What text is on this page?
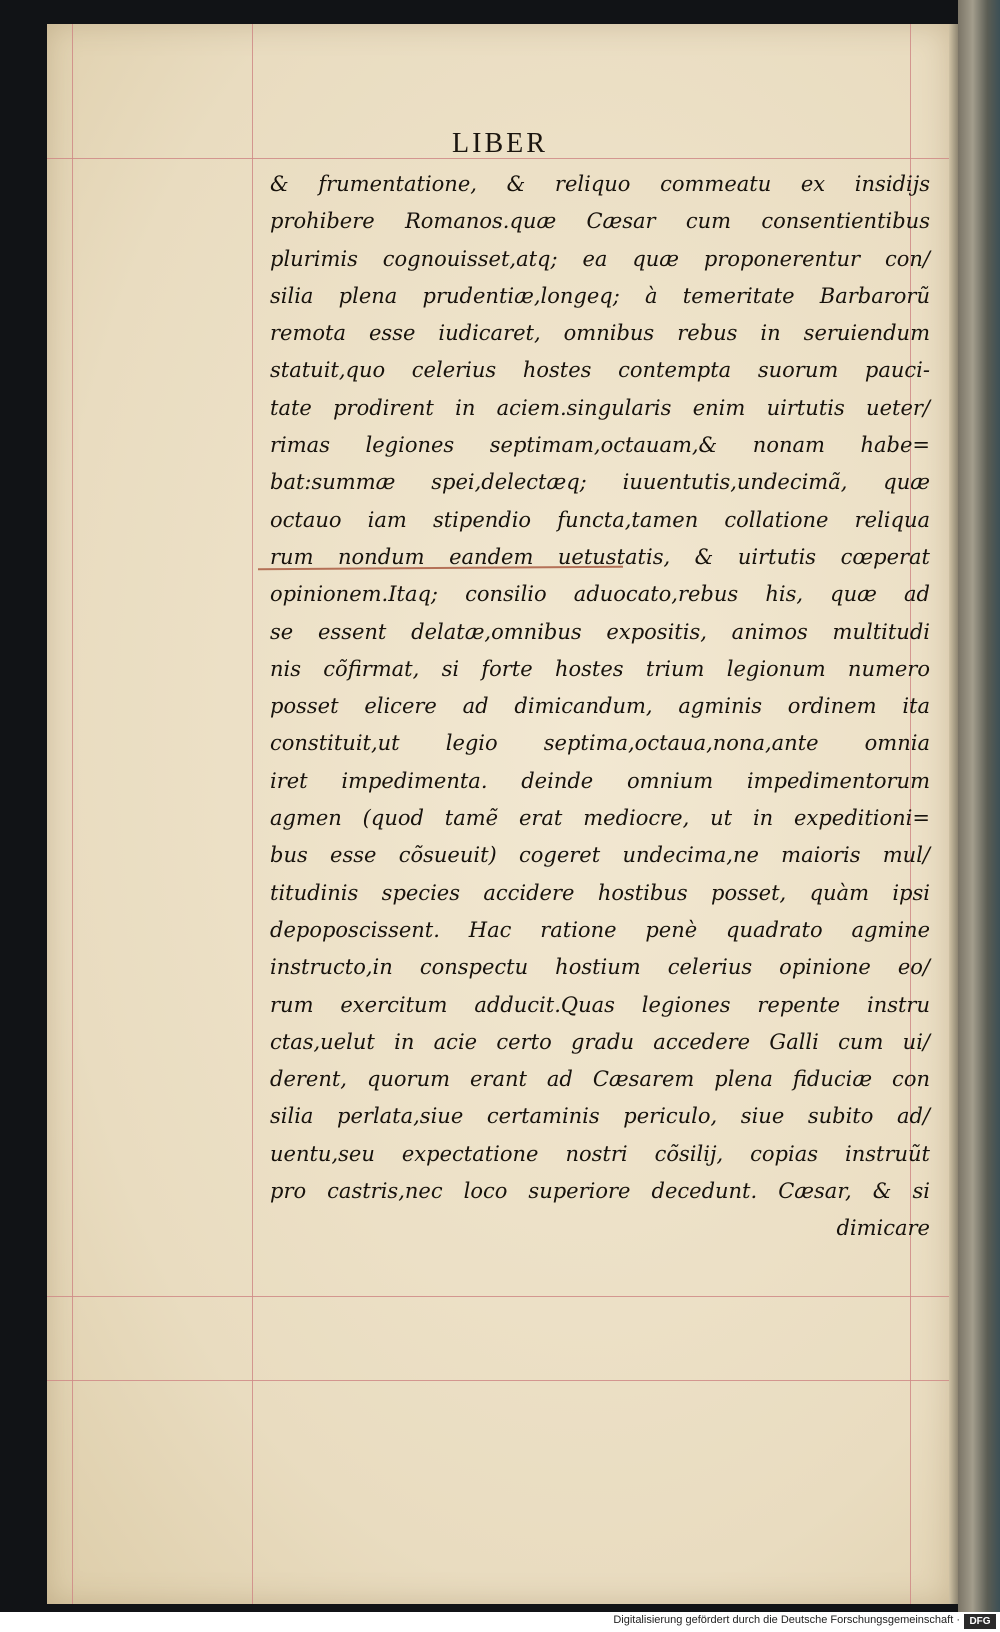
LIBER
& frumentatione, & reliquo commeatu ex insidijs
prohibere Romanos.quæ Cæsar cum consentientibus
plurimis cognouisset,atq; ea quæ proponerentur con/
silia plena prudentiæ,longeq; à temeritate Barbarorũ
remota esse iudicaret, omnibus rebus in seruiendum
statuit,quo celerius hostes contempta suorum pauci-
tate prodirent in aciem.singularis enim uirtutis ueter/
rimas legiones septimam,octauam,& nonam habe=
bat:summæ spei,delectæq; iuuentutis,undecimã, quæ
octauo iam stipendio functa,tamen collatione reliqua
rum nondum eandem uetustatis, & uirtutis cœperat
opinionem.Itaq; consilio aduocato,rebus his, quæ ad
se essent delatæ,omnibus expositis, animos multitudi
nis cõfirmat, si forte hostes trium legionum numero
posset elicere ad dimicandum, agminis ordinem ita
constituit,ut legio septima,octaua,nona,ante omnia
iret impedimenta. deinde omnium impedimentorum
agmen (quod tamẽ erat mediocre, ut in expeditioni=
bus esse cõsueuit) cogeret undecima,ne maioris mul/
titudinis species accidere hostibus posset, quàm ipsi
depoposcissent. Hac ratione penè quadrato agmine
instructo,in conspectu hostium celerius opinione eo/
rum exercitum adducit.Quas legiones repente instru
ctas,uelut in acie certo gradu accedere Galli cum ui/
derent, quorum erant ad Cæsarem plena fiduciæ con
silia perlata,siue certaminis periculo, siue subito ad/
uentu,seu expectatione nostri cõsilij, copias instruũt
pro castris,nec loco superiore decedunt. Cæsar, & si
dimicare
Digitalisierung gefördert durch die Deutsche Forschungsgemeinschaft · DFG
